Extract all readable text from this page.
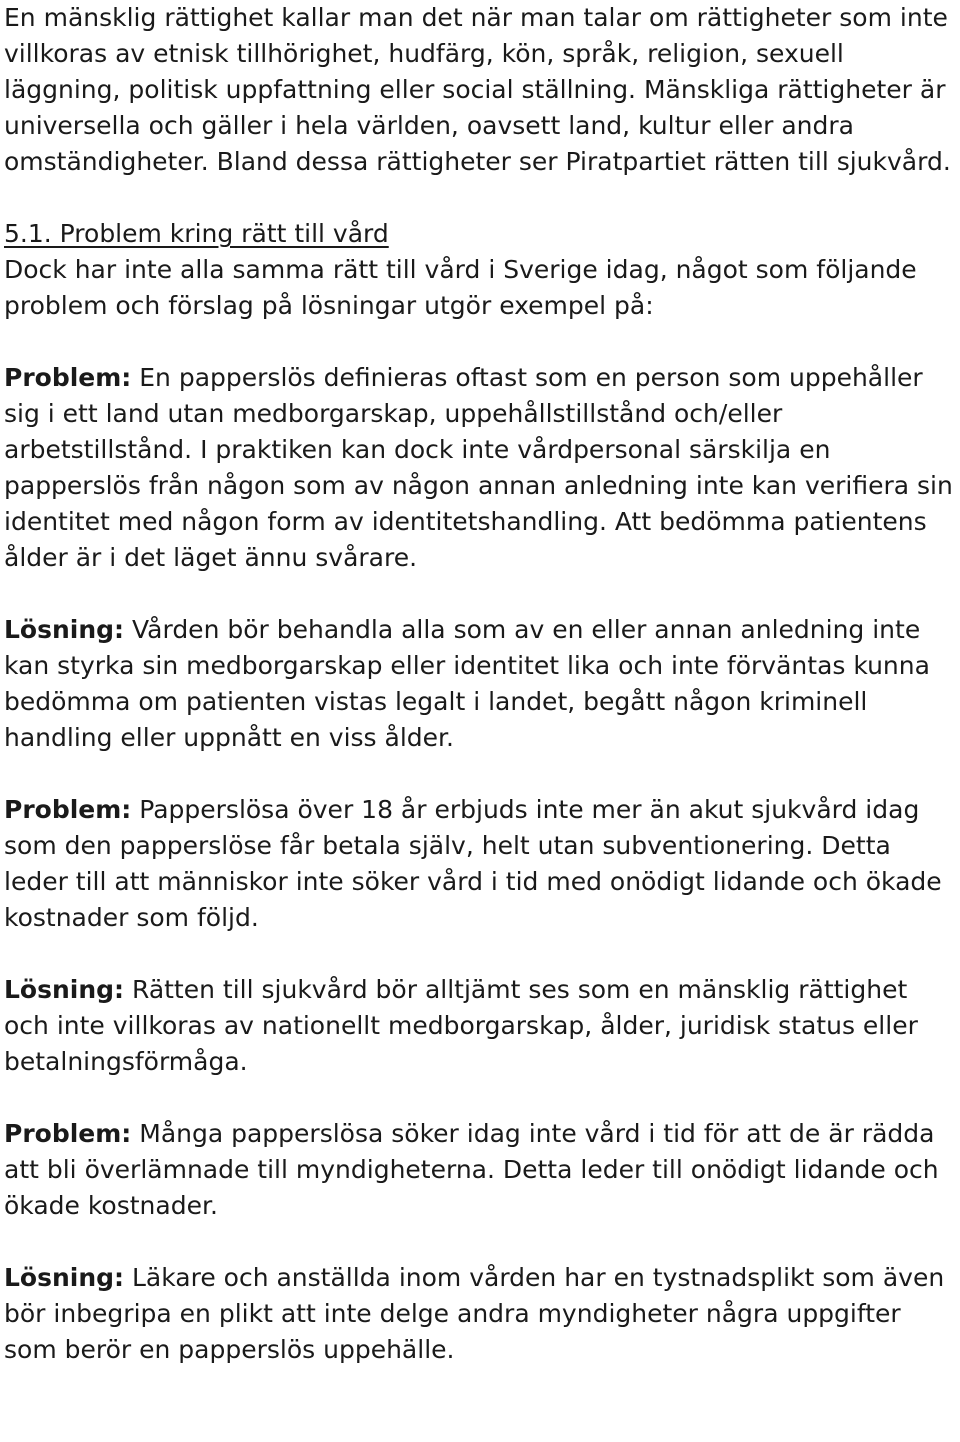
En mänsklig rättighet kallar man det när man talar om rättigheter som inte villkoras av etnisk tillhörighet, hudfärg, kön, språk, religion, sexuell läggning, politisk uppfattning eller social ställning. Mänskliga rättigheter är universella och gäller i hela världen, oavsett land, kultur eller andra omständigheter. Bland dessa rättigheter ser Piratpartiet rätten till sjukvård.

5.1. Problem kring rätt till vård

Dock har inte alla samma rätt till vård i Sverige idag, något som följande problem och förslag på lösningar utgör exempel på:

Problem: En papperslös definieras oftast som en person som uppehåller sig i ett land utan medborgarskap, uppehållstillstånd och/eller arbetstillstånd. I praktiken kan dock inte vårdpersonal särskilja en papperslös från någon som av någon annan anledning inte kan verifiera sin identitet med någon form av identitetshandling. Att bedömma patientens ålder är i det läget ännu svårare.

Lösning: Vården bör behandla alla som av en eller annan anledning inte kan styrka sin medborgarskap eller identitet lika och inte förväntas kunna bedömma om patienten vistas legalt i landet, begått någon kriminell handling eller uppnått en viss ålder.

Problem: Papperslösa över 18 år erbjuds inte mer än akut sjukvård idag som den papperslöse får betala själv, helt utan subventionering. Detta leder till att människor inte söker vård i tid med onödigt lidande och ökade kostnader som följd.

Lösning: Rätten till sjukvård bör alltjämt ses som en mänsklig rättighet och inte villkoras av nationellt medborgarskap, ålder, juridisk status eller betalningsförmåga.

Problem: Många papperslösa söker idag inte vård i tid för att de är rädda att bli överlämnade till myndigheterna. Detta leder till onödigt lidande och ökade kostnader.

Lösning: Läkare och anställda inom vården har en tystnadsplikt som även bör inbegripa en plikt att inte delge andra myndigheter några uppgifter som berör en papperslös uppehälle.
